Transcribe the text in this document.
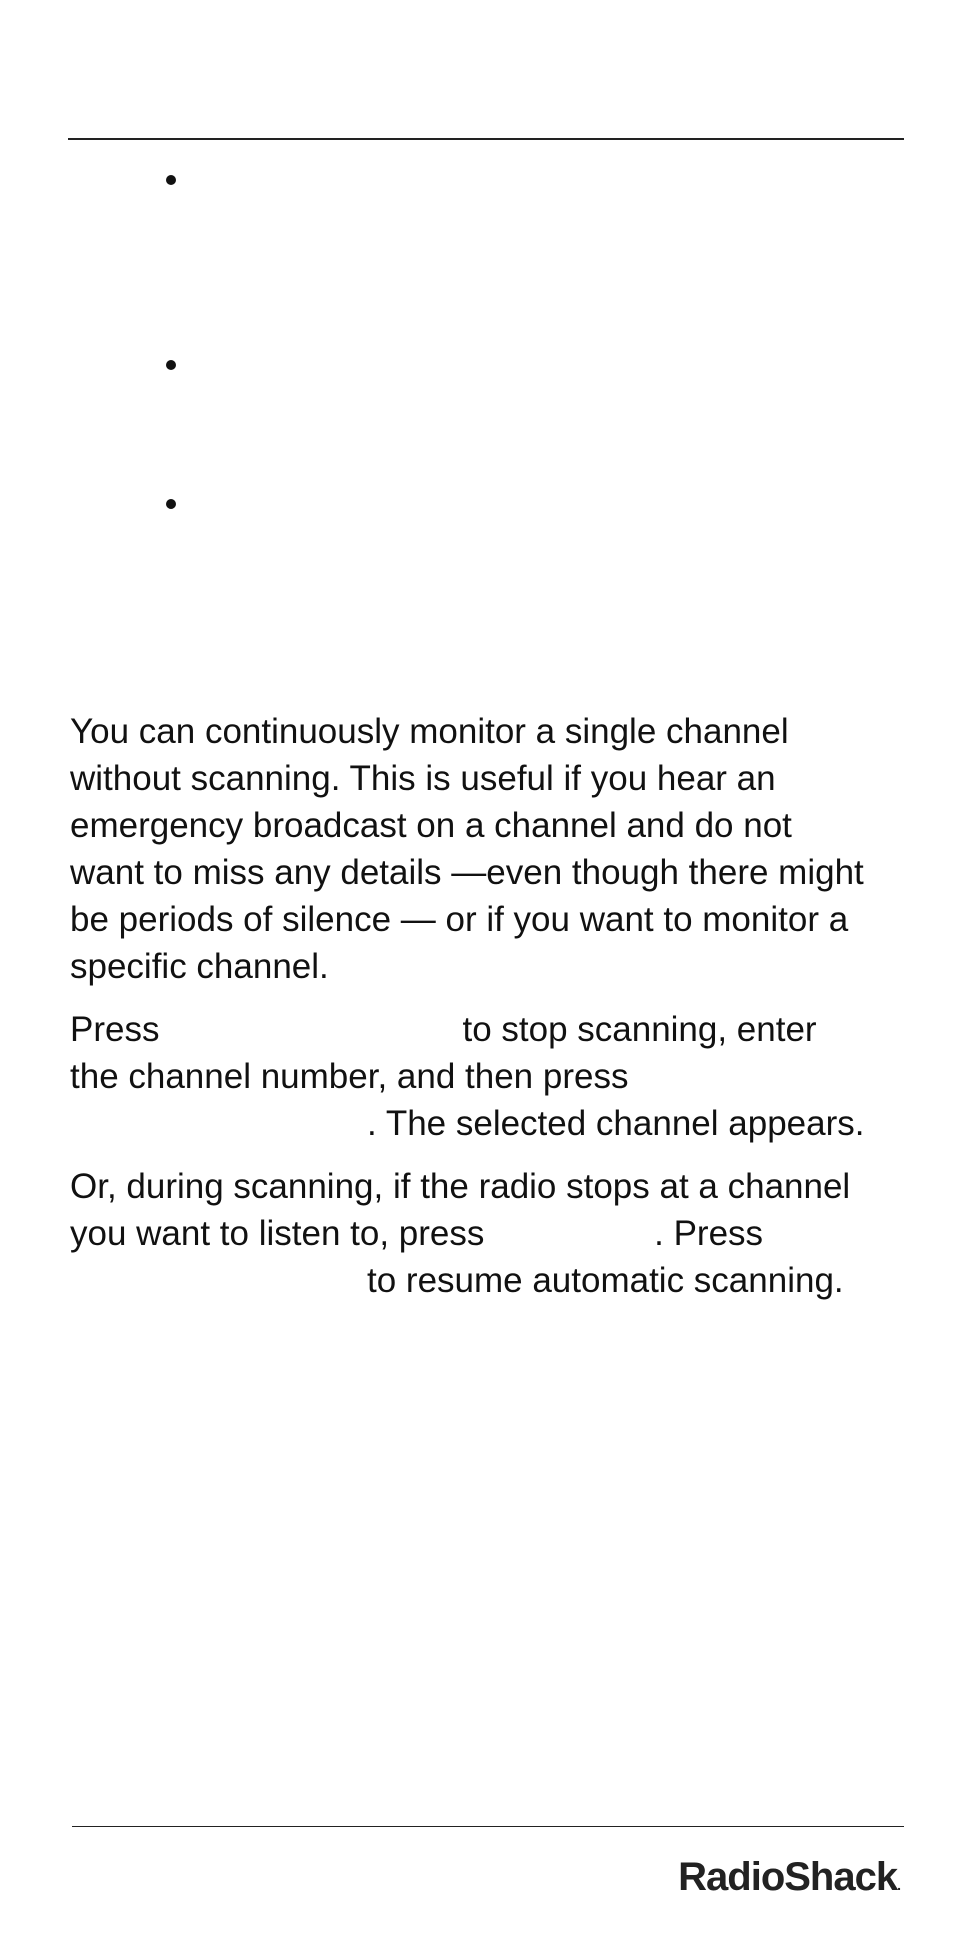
You can continuously monitor a single channel without scanning. This is useful if you hear an emergency broadcast on a channel and do not want to miss any details —even though there might be periods of silence — or if you want to monitor a specific channel.

Press	to stop scanning, enter the channel number, and then press . The selected channel appears.

Or, during scanning, if the radio stops at a channel you want to listen to, press	. Pressto resume automatic scanning.

RadioShack.
